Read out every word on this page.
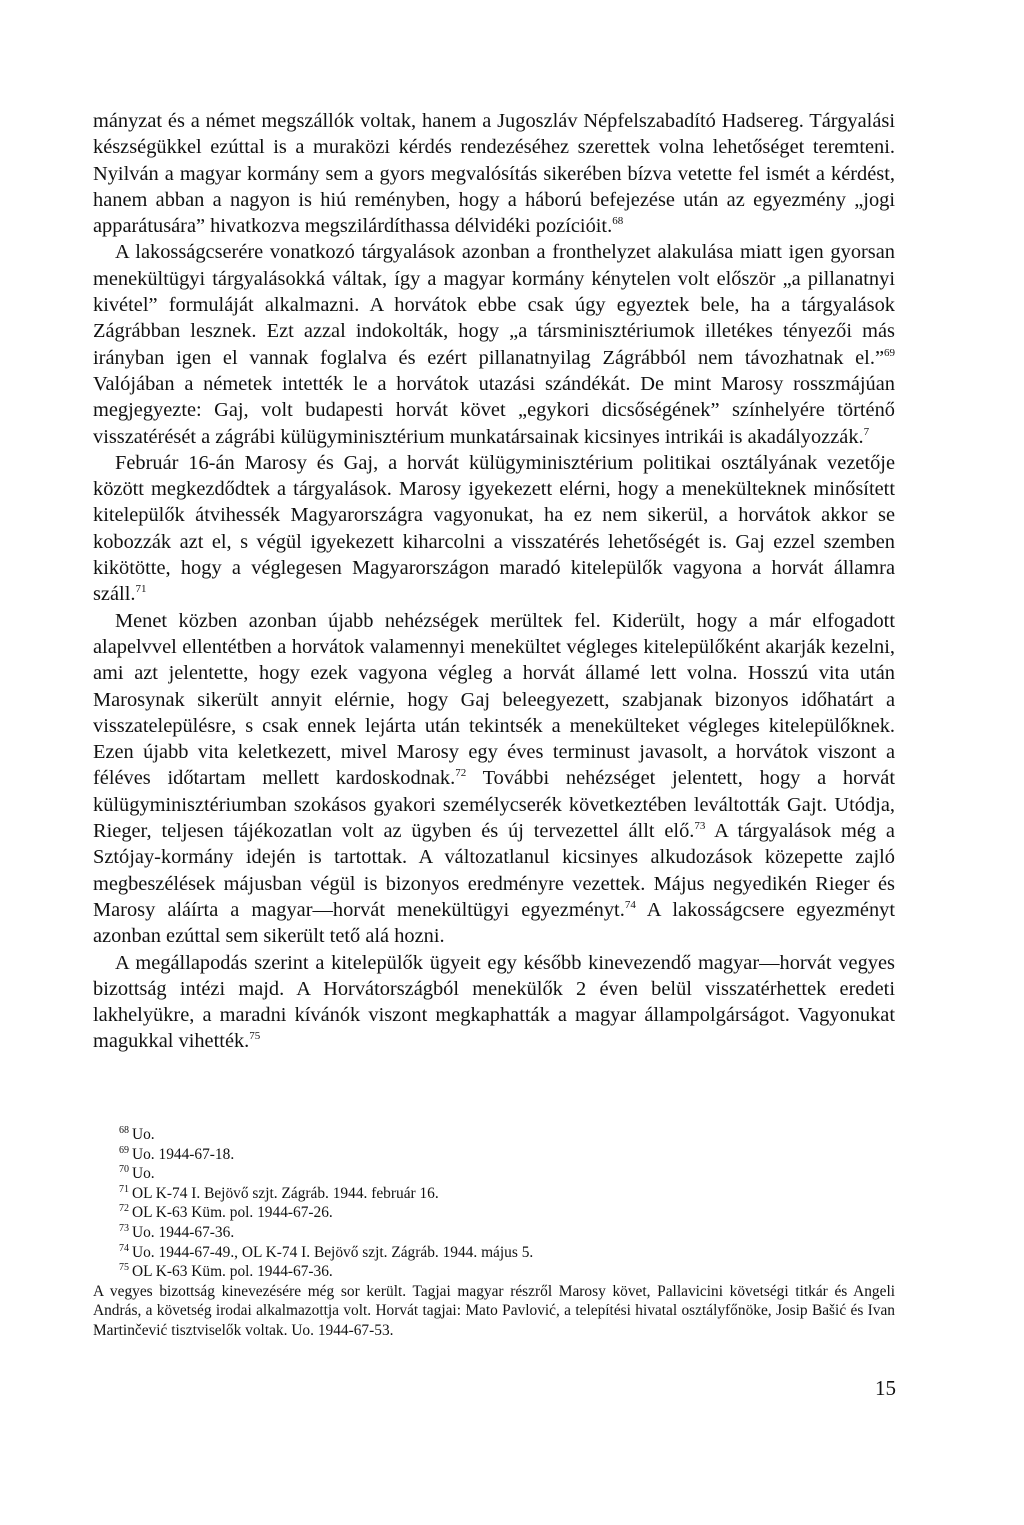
mányzat és a német megszállók voltak, hanem a Jugoszláv Népfelszabadító Hadsereg. Tárgyalási készségükkel ezúttal is a muraközi kérdés rendezéséhez szerettek volna lehetőséget teremteni. Nyilván a magyar kormány sem a gyors megvalósítás sikerében bízva vetette fel ismét a kérdést, hanem abban a nagyon is hiú reményben, hogy a háború befejezése után az egyezmény „jogi apparátusára” hivatkozva megszilárdíthassa délvidéki pozícióit.$^{68}$

A lakosságcserére vonatkozó tárgyalások azonban a fronthelyzet alakulása miatt igen gyorsan menekültügyi tárgyalásokká váltak, így a magyar kormány kénytelen volt először „a pillanatnyi kivétel” formuláját alkalmazni. A horvátok ebbe csak úgy egyeztek bele, ha a tárgyalások Zágrábban lesznek. Ezt azzal indokolták, hogy „a társminisztériumok illetékes tényezői más irányban igen el vannak foglalva és ezért pillanatnyilag Zágrábból nem távozhatnak el.”$^{69}$ Valójában a németek intették le a horvátok utazási szándékát. De mint Marosy rosszmájúan megjegyezte: Gaj, volt budapesti horvát követ „egykori dicsőségének” színhelyére történő visszatérését a zágrábi külügyminisztérium munkatársainak kicsinyes intrikái is akadályozzák.$^7$

Február 16-án Marosy és Gaj, a horvát külügyminisztérium politikai osztályának vezetője között megkezdődtek a tárgyalások. Marosy igyekezett elérni, hogy a menekülteknek minősített kitelepülők átvihessék Magyarországra vagyonukat, ha ez nem sikerül, a horvátok akkor se kobozzák azt el, s végül igyekezett kiharcolni a visszatérés lehetőségét is. Gaj ezzel szemben kikötötte, hogy a véglegesen Magyarországon maradó kitelepülők vagyona a horvát államra száll.$^{71}$

Menet közben azonban újabb nehézségek merültek fel. Kiderült, hogy a már elfogadott alapelvvel ellentétben a horvátok valamennyi menekültet végleges kitelepülőként akarják kezelni, ami azt jelentette, hogy ezek vagyona végleg a horvát államé lett volna. Hosszú vita után Marosynak sikerült annyit elérnie, hogy Gaj beleegyezett, szabjanak bizonyos időhatárt a visszatelepülésre, s csak ennek lejárta után tekintsék a menekülteket végleges kitelepülőknek. Ezen újabb vita keletkezett, mivel Marosy egy éves terminust javasolt, a horvátok viszont a féléves időtartam mellett kardoskodnak.$^{72}$ További nehézséget jelentett, hogy a horvát külügyminisztériumban szokásos gyakori személycserék következtében leváltották Gajt. Utódja, Rieger, teljesen tájékozatlan volt az ügyben és új tervezettel állt elő.$^{73}$ A tárgyalások még a Sztójay-kormány idején is tartottak. A változatlanul kicsinyes alkudozások közepette zajló megbeszélések májusban végül is bizonyos eredményre vezettek. Május negyedikén Rieger és Marosy aláírta a magyar—horvát menekültügyi egyezményt.$^{74}$ A lakosságcsere egyezményt azonban ezúttal sem sikerült tető alá hozni.

A megállapodás szerint a kitelepülők ügyeit egy később kinevezendő magyar—horvát vegyes bizottság intézi majd. A Horvátországból menekülők 2 éven belül visszatérhettek eredeti lakhelyükre, a maradni kívánók viszont megkaphatták a magyar állampolgárságot. Vagyonukat magukkal vihették.$^{75}$

$^{68}$ Uo.
$^{69}$ Uo. 1944-67-18.
$^{70}$ Uo.
$^{71}$ OL K-74 I. Bejövő szjt. Zágráb. 1944. február 16.
$^{72}$ OL K-63 Küm. pol. 1944-67-26.
$^{73}$ Uo. 1944-67-36.
$^{74}$ Uo. 1944-67-49., OL K-74 I. Bejövő szjt. Zágráb. 1944. május 5.
$^{75}$ OL K-63 Küm. pol. 1944-67-36.

A vegyes bizottság kinevezésére még sor került. Tagjai magyar részről Marosy követ, Pallavicini követségi titkár és Angeli András, a követség irodai alkalmazottja volt. Horvát tagjai: Mato Pavlović, a telepítési hivatal osztályfőnöke, Josip Bašić és Ivan Martinčević tisztviselők voltak. Uo. 1944-67-53.

15
